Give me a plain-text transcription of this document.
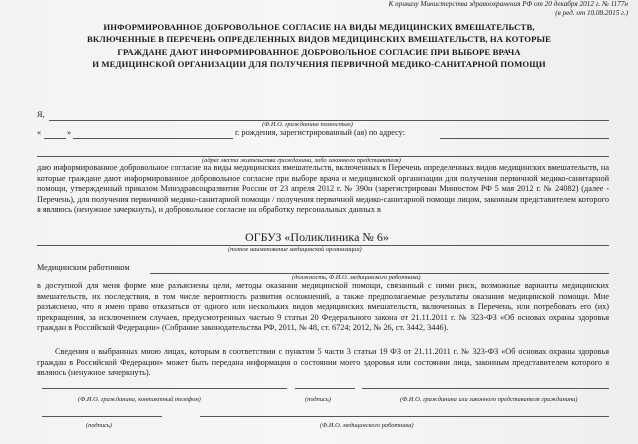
К приказу Министерства здравоохранения РФ от 20 декабря 2012 г. № 1177н
(в ред. от 10.08.2015 г.)
ИНФОРМИРОВАННОЕ ДОБРОВОЛЬНОЕ СОГЛАСИЕ НА ВИДЫ МЕДИЦИНСКИХ ВМЕШАТЕЛЬСТВ,
ВКЛЮЧЕННЫЕ В ПЕРЕЧЕНЬ ОПРЕДЕЛЕННЫХ ВИДОВ МЕДИЦИНСКИХ ВМЕШАТЕЛЬСТВ, НА КОТОРЫЕ
ГРАЖДАНЕ ДАЮТ ИНФОРМИРОВАННОЕ ДОБРОВОЛЬНОЕ СОГЛАСИЕ ПРИ ВЫБОРЕ ВРАЧА
И МЕДИЦИНСКОЙ ОРГАНИЗАЦИИ ДЛЯ ПОЛУЧЕНИЯ ПЕРВИЧНОЙ МЕДИКО-САНИТАРНОЙ ПОМОЩИ
Я,
(Ф.И.О. гражданина полностью)
«	»	г. рождения, зарегистрированный (ая) по адресу:
(адрес места жительства гражданина, либо законного представителя)
даю информированное добровольное согласие на виды медицинских вмешательств, включенных в Перечень определенных видов медицинских вмешательств, на которые граждане дают информированное добровольное согласие при выборе врача и медицинской организации для получения первичной медико-санитарной помощи, утвержденный приказом Минздравсоцразвития России от 23 апреля 2012 г. № 390н (зарегистрирован Минюстом РФ 5 мая 2012 г. № 24082) (далее - Перечень), для получения первичной медико-санитарной помощи / получения первичной медико-санитарной помощи лицом, законным представителем которого я являюсь (ненужное зачеркнуть), и добровольное согласие на обработку персональных данных в
ОГБУЗ «Поликлиника № 6»
(полное наименование медицинской организации)
Медицинским работником
(должность, Ф.И.О. медицинского работника)
в доступной для меня форме мне разъяснены цели, методы оказания медицинской помощи, связанный с ними риск, возможные варианты медицинских вмешательств, их последствия, в том числе вероятность развития осложнений, а также предполагаемые результаты оказания медицинской помощи. Мне разъяснено, что я имею право отказаться от одного или нескольких видов медицинских вмешательств, включенных в Перечень, или потребовать его (их) прекращения, за исключением случаев, предусмотренных частью 9 статьи 20 Федерального закона от 21.11.2011 г. № 323-ФЗ «Об основах охраны здоровья граждан в Российской Федерации» (Собрание законодательства РФ, 2011, № 48, ст. 6724; 2012, № 26, ст. 3442, 3446).
Сведения о выбранных мною лицах, которым в соответствии с пунктом 5 части 3 статьи 19 ФЗ от 21.11.2011 г. № 323-ФЗ «Об основах охраны здоровья граждан в Российской Федерации» может быть передана информация о состоянии моего здоровья или состоянии лица, законным представителем которого я являюсь (ненужное зачеркнуть).
(Ф.И.О. гражданина, контактный телефон)	(подпись)	(Ф.И.О. гражданина или законного представителя гражданина)
(подпись)	(Ф.И.О. медицинского работника)
